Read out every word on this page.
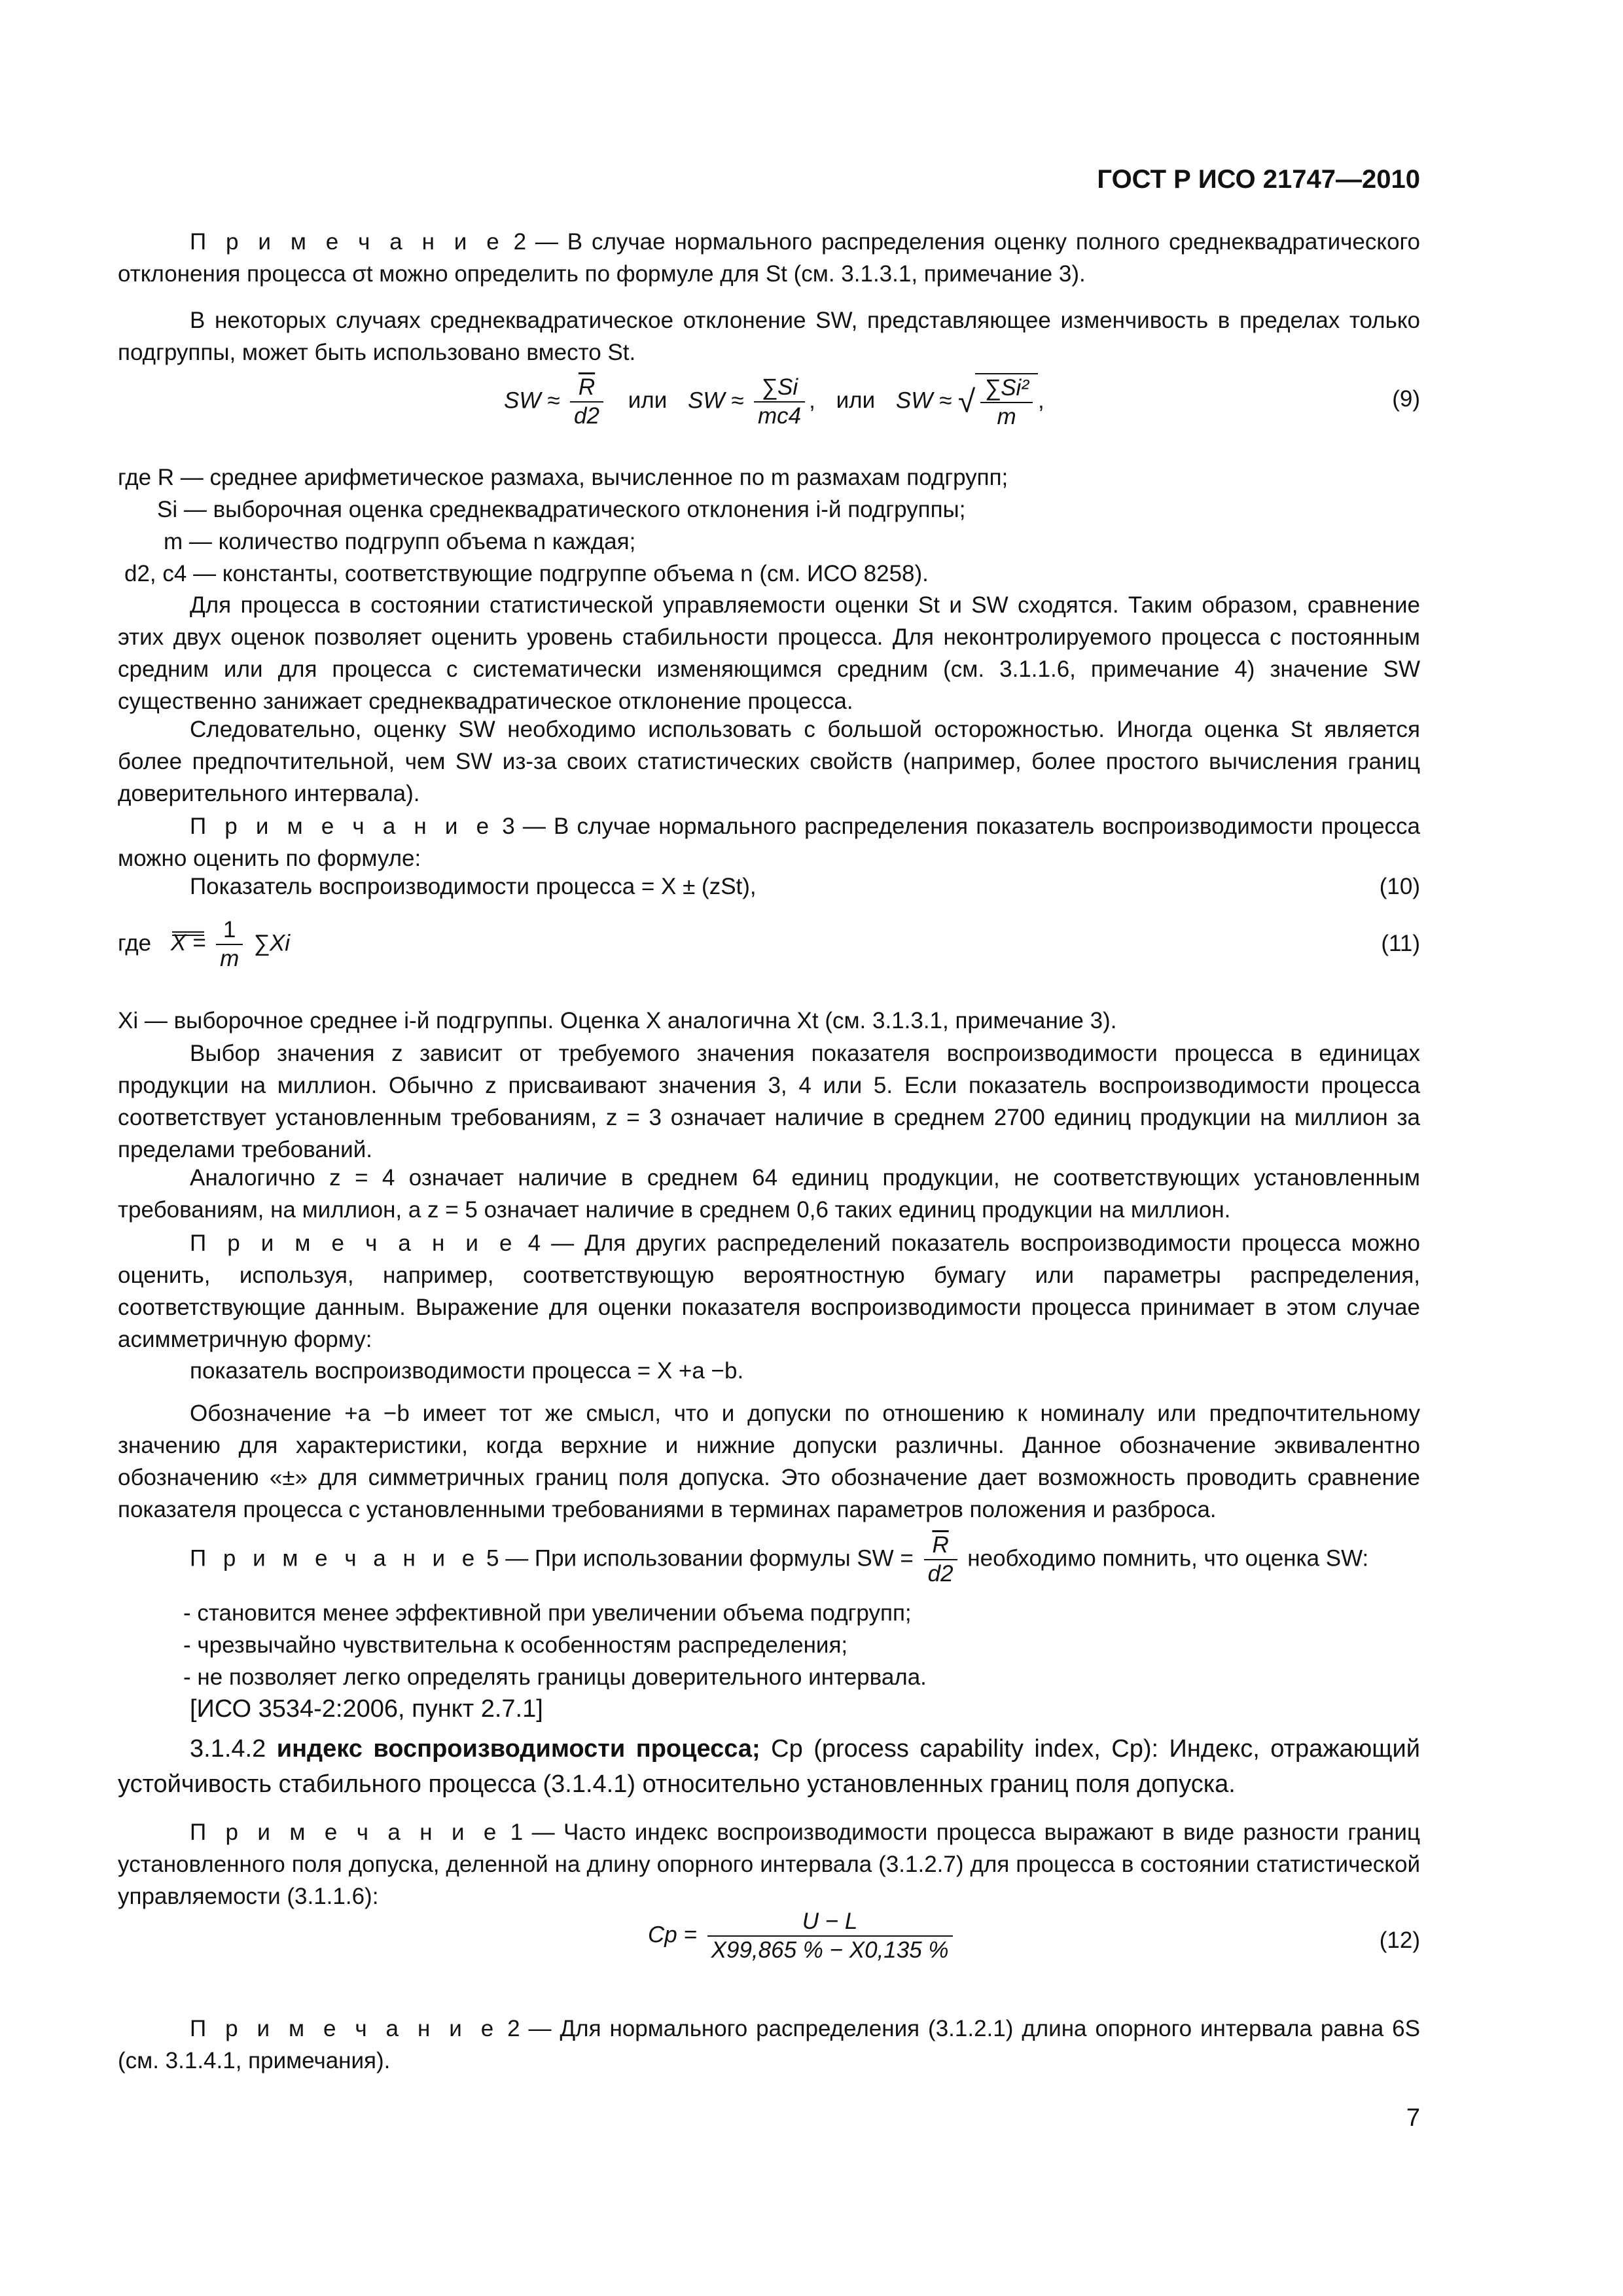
ГОСТ Р ИСО 21747—2010

П р и м е ч а н и е 2 — В случае нормального распределения оценку полного среднеквадратического отклонения процесса σt можно определить по формуле для St (см. 3.1.3.1, примечание 3).

В некоторых случаях среднеквадратическое отклонение SW, представляющее изменчивость в пределах только подгруппы, может быть использовано вместо St.

SW ≈ $\frac{\overline{R}}{d2}$ или SW ≈ $\frac{\sum Si}{mc4}$ , или SW ≈ √ $\frac{\text{∑Si²}}{m}$ ,	(9)
где R — среднее арифметическое размаха, вычисленное по m размахам подгрупп;
Si — выборочная оценка среднеквадратического отклонения i-й подгруппы;
m — количество подгрупп объема n каждая;
d2, c4 — константы, соответствующие подгруппе объема n (см. ИСО 8258).

Для процесса в состоянии статистической управляемости оценки St и SW сходятся. Таким образом, сравнение этих двух оценок позволяет оценить уровень стабильности процесса. Для неконтролируемого процесса с постоянным средним или для процесса с систематически изменяющимся средним (см. 3.1.1.6, примечание 4) значение SW существенно занижает среднеквадратическое отклонение процесса.

Следовательно, оценку SW необходимо использовать с большой осторожностью. Иногда оценка St является более предпочтительной, чем SW из-за своих статистических свойств (например, более простого вычисления границ доверительного интервала).

П р и м е ч а н и е 3 — В случае нормального распределения показатель воспроизводимости процесса можно оценить по формуле:

Показатель воспроизводимости процесса = X ± (zSt),	(10)
где $X = \frac{1}{m} \sum Xi$	(11)

Xi — выборочное среднее i-й подгруппы. Оценка X аналогична Xt (см. 3.1.3.1, примечание 3).

Выбор значения z зависит от требуемого значения показателя воспроизводимости процесса в единицах продукции на миллион. Обычно z присваивают значения 3, 4 или 5. Если показатель воспроизводимости процесса соответствует установленным требованиям, z = 3 означает наличие в среднем 2700 единиц продукции на миллион за пределами требований.

Аналогично z = 4 означает наличие в среднем 64 единиц продукции, не соответствующих установленным требованиям, на миллион, а z = 5 означает наличие в среднем 0,6 таких единиц продукции на миллион.

П р и м е ч а н и е 4 — Для других распределений показатель воспроизводимости процесса можно оценить, используя, например, соответствующую вероятностную бумагу или параметры распределения, соответствующие данным. Выражение для оценки показателя воспроизводимости процесса принимает в этом случае асимметричную форму:

показатель воспроизводимости процесса = X +a −b.

Обозначение +a −b имеет тот же смысл, что и допуски по отношению к номиналу или предпочтительному значению для характеристики, когда верхние и нижние допуски различны. Данное обозначение эквивалентно обозначению «±» для симметричных границ поля допуска. Это обозначение дает возможность проводить сравнение показателя процесса с установленными требованиями в терминах параметров положения и разброса.

П р и м е ч а н и е 5 — При использовании формулы SW = $\frac{\overline{R}}{d2}$ необходимо помнить, что оценка SW:
- становится менее эффективной при увеличении объема подгрупп;
- чрезвычайно чувствительна к особенностям распределения;
- не позволяет легко определять границы доверительного интервала.
[ИСО 3534-2:2006, пункт 2.7.1]

3.1.4.2 индекс воспроизводимости процесса; Cp (process capability index, Cp): Индекс, отражающий устойчивость стабильного процесса (3.1.4.1) относительно установленных границ поля допуска.

П р и м е ч а н и е 1 — Часто индекс воспроизводимости процесса выражают в виде разности границ установленного поля допуска, деленной на длину опорного интервала (3.1.2.7) для процесса в состоянии статистической управляемости (3.1.1.6):

$Cp = \frac{U - L}{X99,865 \% - X0,135 \%}$	(12)

П р и м е ч а н и е 2 — Для нормального распределения (3.1.2.1) длина опорного интервала равна 6S (см. 3.1.4.1, примечания).

7
